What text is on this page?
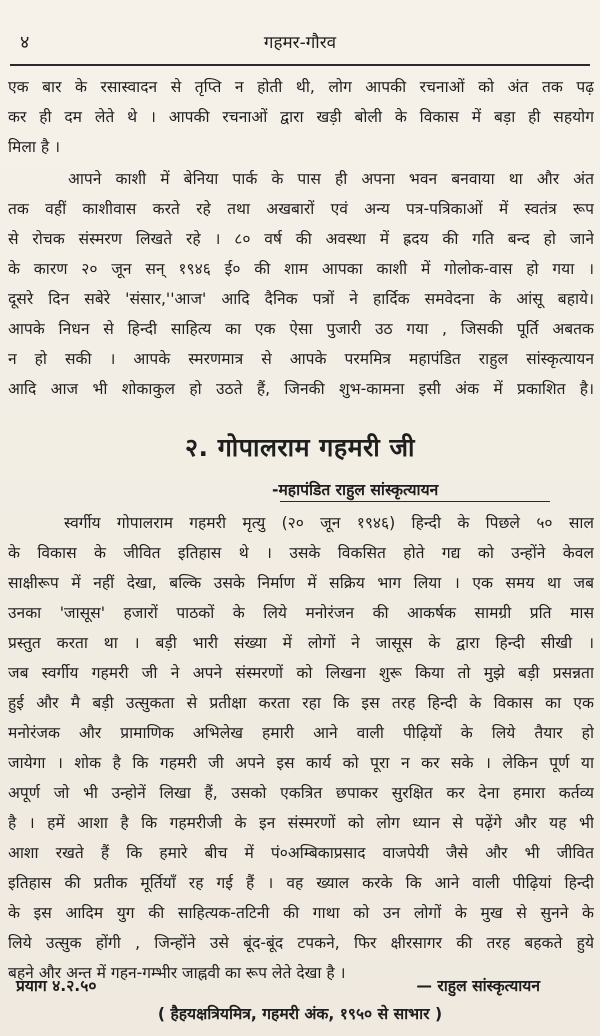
४	गहमर-गौरव
एक बार के रसास्वादन से तृप्ति न होती थी, लोग आपकी रचनाओं को अंत तक पढ़
कर ही दम लेते थे । आपकी रचनाओं द्वारा खड़ी बोली के विकास में बड़ा ही सहयोग
मिला है ।
आपने काशी में बेनिया पार्क के पास ही अपना भवन बनवाया था और अंत
तक वहीं काशीवास करते रहे तथा अखबारों एवं अन्य पत्र-पत्रिकाओं में स्वतंत्र रूप
से रोचक संस्मरण लिखते रहे । ८० वर्ष की अवस्था में ह्रदय की गति बन्द हो जाने
के कारण २० जून सन् १९४६ ई० की शाम आपका काशी में गोलोक-वास हो गया ।
दूसरे दिन सबेरे 'संसार,''आज' आदि दैनिक पत्रों ने हार्दिक समवेदना के आंसू बहाये।
आपके निधन से हिन्दी साहित्य का एक ऐसा पुजारी उठ गया , जिसकी पूर्ति अबतक
न हो सकी । आपके स्मरणमात्र से आपके परममित्र महापंडित राहुल सांस्कृत्यायन
आदि आज भी शोकाकुल हो उठते हैं, जिनकी शुभ-कामना इसी अंक में प्रकाशित है।
२. गोपालराम गहमरी जी
-महापंडित राहुल सांस्कृत्यायन
स्वर्गीय गोपालराम गहमरी मृत्यु (२० जून १९४६) हिन्दी के पिछले ५० साल
के विकास के जीवित इतिहास थे । उसके विकसित होते गद्य को उन्होंने केवल
साक्षीरूप में नहीं देखा, बल्कि उसके निर्माण में सक्रिय भाग लिया । एक समय था जब
उनका 'जासूस' हजारों पाठकों के लिये मनोरंजन की आकर्षक सामग्री प्रति मास
प्रस्तुत करता था । बड़ी भारी संख्या में लोगों ने जासूस के द्वारा हिन्दी सीखी ।
जब स्वर्गीय गहमरी जी ने अपने संस्मरणों को लिखना शुरू किया तो मुझे बड़ी प्रसन्नता
हुई और मै बड़ी उत्सुकता से प्रतीक्षा करता रहा कि इस तरह हिन्दी के विकास का एक
मनोरंजक और प्रामाणिक अभिलेख हमारी आने वाली पीढ़ियों के लिये तैयार हो
जायेगा । शोक है कि गहमरी जी अपने इस कार्य को पूरा न कर सके । लेकिन पूर्ण या
अपूर्ण जो भी उन्होनें लिखा हैं, उसको एकत्रित छपाकर सुरक्षित कर देना हमारा कर्तव्य
है । हमें आशा है कि गहमरीजी के इन संस्मरणों को लोग ध्यान से पढ़ेंगे और यह भी
आशा रखते हैं कि हमारे बीच में पं०अम्बिकाप्रसाद वाजपेयी जैसे और भी जीवित
इतिहास की प्रतीक मूर्तियाँ रह गई हैं । वह ख्याल करके कि आने वाली पीढ़ियां हिन्दी
के इस आदिम युग की साहित्यक-तटिनी की गाथा को उन लोगों के मुख से सुनने के
लिये उत्सुक होंगी , जिन्होंने उसे बूंद-बूंद टपकने, फिर क्षीरसागर की तरह बहकते हुये
बहने और अन्त में गहन-गम्भीर जाह्नवी का रूप लेते देखा है ।
प्रयाग ४.२.५०	— राहुल सांस्कृत्यायन
( हैहयक्षत्रियमित्र, गहमरी अंक, १९५० से साभार )
